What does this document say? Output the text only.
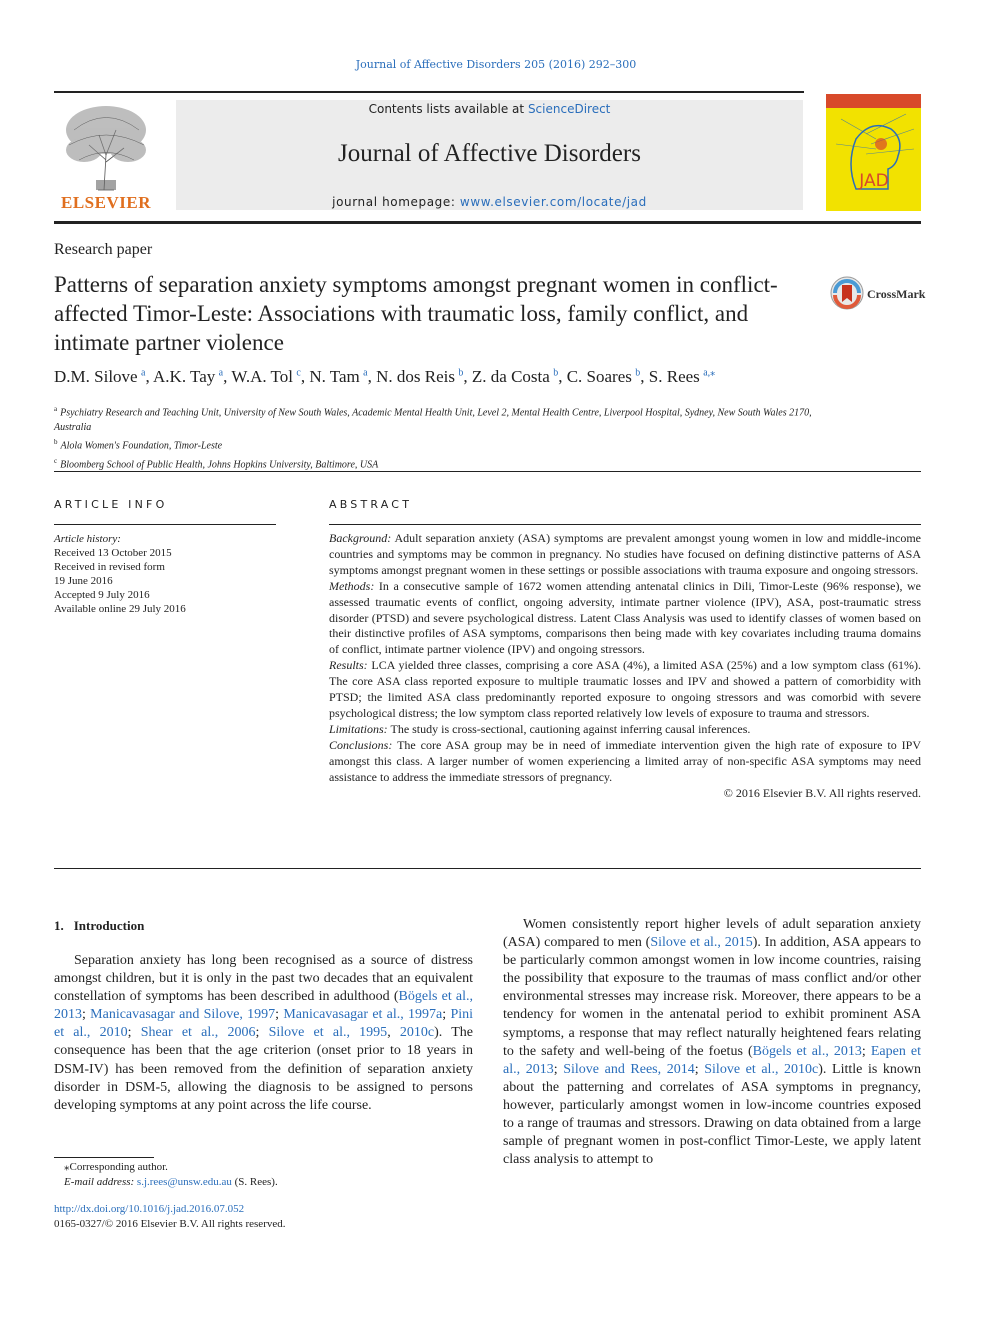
Journal of Affective Disorders 205 (2016) 292–300
ELSEVIER
Contents lists available at ScienceDirect
Journal of Affective Disorders
journal homepage: www.elsevier.com/locate/jad
JAD
Research paper
Patterns of separation anxiety symptoms amongst pregnant women in conflict-affected Timor-Leste: Associations with traumatic loss, family conflict, and intimate partner violence
CrossMark
D.M. Silove  $^a$, A.K. Tay  $^a$, W.A. Tol  $^c$, N. Tam  $^a$, N. dos Reis  $^b$, Z. da Costa  $^b$, C. Soares  $^b$, S. Rees  $^{a,⁎}$
$^a$ Psychiatry Research and Teaching Unit, University of New South Wales, Academic Mental Health Unit, Level 2, Mental Health Centre, Liverpool Hospital, Sydney, New South Wales 2170, Australia
$^b$ Alola Women's Foundation, Timor-Leste
$^c$ Bloomberg School of Public Health, Johns Hopkins University, Baltimore, USA
ARTICLE INFO
Article history:
Received 13 October 2015
Received in revised form
19 June 2016
Accepted 9 July 2016
Available online 29 July 2016
ABSTRACT

Background: Adult separation anxiety (ASA) symptoms are prevalent amongst young women in low and middle-income countries and symptoms may be common in pregnancy. No studies have focused on defining distinctive patterns of ASA symptoms amongst pregnant women in these settings or possible associations with trauma exposure and ongoing stressors.

Methods: In a consecutive sample of 1672 women attending antenatal clinics in Dili, Timor-Leste (96% response), we assessed traumatic events of conflict, ongoing adversity, intimate partner violence (IPV), ASA, post-traumatic stress disorder (PTSD) and severe psychological distress. Latent Class Analysis was used to identify classes of women based on their distinctive profiles of ASA symptoms, comparisons then being made with key covariates including trauma domains of conflict, intimate partner violence (IPV) and ongoing stressors.

Results: LCA yielded three classes, comprising a core ASA (4%), a limited ASA (25%) and a low symptom class (61%). The core ASA class reported exposure to multiple traumatic losses and IPV and showed a pattern of comorbidity with PTSD; the limited ASA class predominantly reported exposure to ongoing stressors and was comorbid with severe psychological distress; the low symptom class reported relatively low levels of exposure to trauma and stressors.

Limitations: The study is cross-sectional, cautioning against inferring causal inferences.

Conclusions: The core ASA group may be in need of immediate intervention given the high rate of exposure to IPV amongst this class. A larger number of women experiencing a limited array of non-specific ASA symptoms may need assistance to address the immediate stressors of pregnancy.

© 2016 Elsevier B.V. All rights reserved.

1. Introduction

Separation anxiety has long been recognised as a source of distress amongst children, but it is only in the past two decades that an equivalent constellation of symptoms has been described in adulthood (Bögels et al., 2013; Manicavasagar and Silove, 1997; Manicavasagar et al., 1997a; Pini et al., 2010; Shear et al., 2006; Silove et al., 1995, 2010c). The consequence has been that the age criterion (onset prior to 18 years in DSM-IV) has been removed from the definition of separation anxiety disorder in DSM-5, allowing the diagnosis to be assigned to persons developing symptoms at any point across the life course.

Women consistently report higher levels of adult separation anxiety (ASA) compared to men (Silove et al., 2015). In addition, ASA appears to be particularly common amongst women in low income countries, raising the possibility that exposure to the traumas of mass conflict and/or other environmental stresses may increase risk. Moreover, there appears to be a tendency for women in the antenatal period to exhibit prominent ASA symptoms, a response that may reflect naturally heightened fears relating to the safety and well-being of the foetus (Bögels et al., 2013; Eapen et al., 2013; Silove and Rees, 2014; Silove et al., 2010c). Little is known about the patterning and correlates of ASA symptoms in pregnancy, however, particularly amongst women in low-income countries exposed to a range of traumas and stressors. Drawing on data obtained from a large sample of pregnant women in post-conflict Timor-Leste, we apply latent class analysis to attempt to

⁎Corresponding author.
E-mail address: s.j.rees@unsw.edu.au (S. Rees).
http://dx.doi.org/10.1016/j.jad.2016.07.052
0165-0327/© 2016 Elsevier B.V. All rights reserved.
